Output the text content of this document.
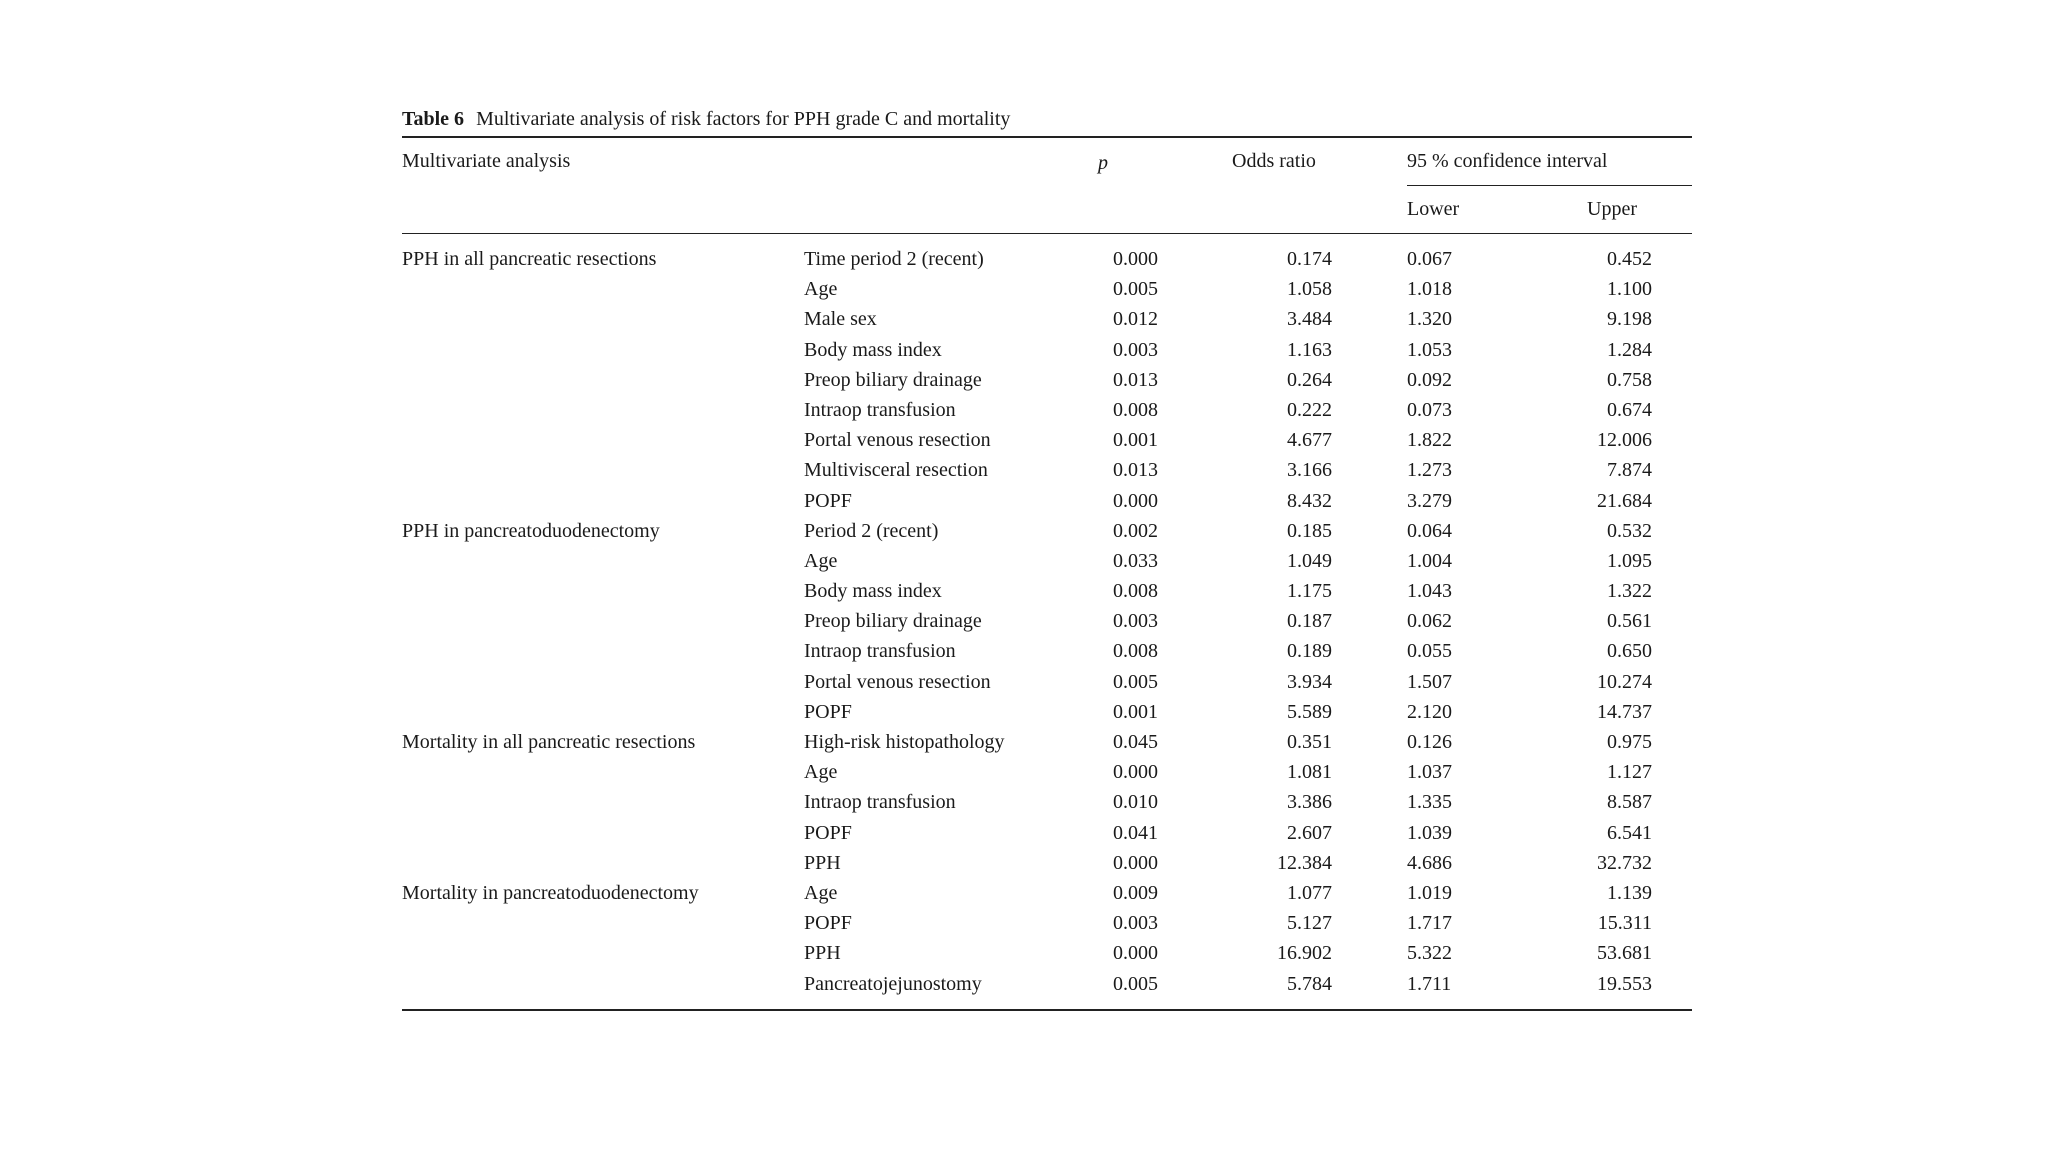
Table 6 Multivariate analysis of risk factors for PPH grade C and mortality
Multivariate analysis	p	Odds ratio	95 % confidence interval
Lower	Upper
PPH in all pancreatic resections	Time period 2 (recent)	0.000	0.174	0.067	0.452
Age	0.005	1.058	1.018	1.100
Male sex	0.012	3.484	1.320	9.198
Body mass index	0.003	1.163	1.053	1.284
Preop biliary drainage	0.013	0.264	0.092	0.758
Intraop transfusion	0.008	0.222	0.073	0.674
Portal venous resection	0.001	4.677	1.822	12.006
Multivisceral resection	0.013	3.166	1.273	7.874
POPF	0.000	8.432	3.279	21.684
PPH in pancreatoduodenectomy	Period 2 (recent)	0.002	0.185	0.064	0.532
Age	0.033	1.049	1.004	1.095
Body mass index	0.008	1.175	1.043	1.322
Preop biliary drainage	0.003	0.187	0.062	0.561
Intraop transfusion	0.008	0.189	0.055	0.650
Portal venous resection	0.005	3.934	1.507	10.274
POPF	0.001	5.589	2.120	14.737
Mortality in all pancreatic resections	High-risk histopathology	0.045	0.351	0.126	0.975
Age	0.000	1.081	1.037	1.127
Intraop transfusion	0.010	3.386	1.335	8.587
POPF	0.041	2.607	1.039	6.541
PPH	0.000	12.384	4.686	32.732
Mortality in pancreatoduodenectomy	Age	0.009	1.077	1.019	1.139
POPF	0.003	5.127	1.717	15.311
PPH	0.000	16.902	5.322	53.681
Pancreatojejunostomy	0.005	5.784	1.711	19.553
